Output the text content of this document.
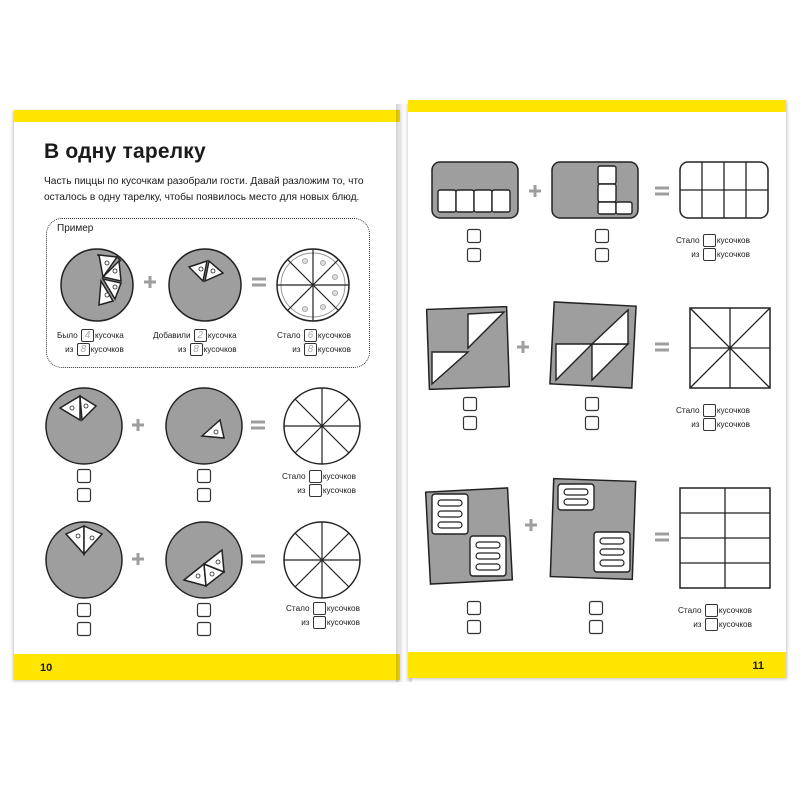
В одну тарелку
Часть пиццы по кусочкам разобрали гости. Давай разложим то, что осталось в одну тарелку, чтобы появилось место для новых блюд.
Пример
Было 4 кусочка
из 8 кусочков
Добавили 2 кусочка
из 8 кусочков
Стало 6 кусочков
из 8 кусочков
Стало кусочков
из кусочков
Стало кусочков
из кусочков
10
Стало кусочков
из кусочков
Стало кусочков
из кусочков
Стало кусочков
из кусочков
11
